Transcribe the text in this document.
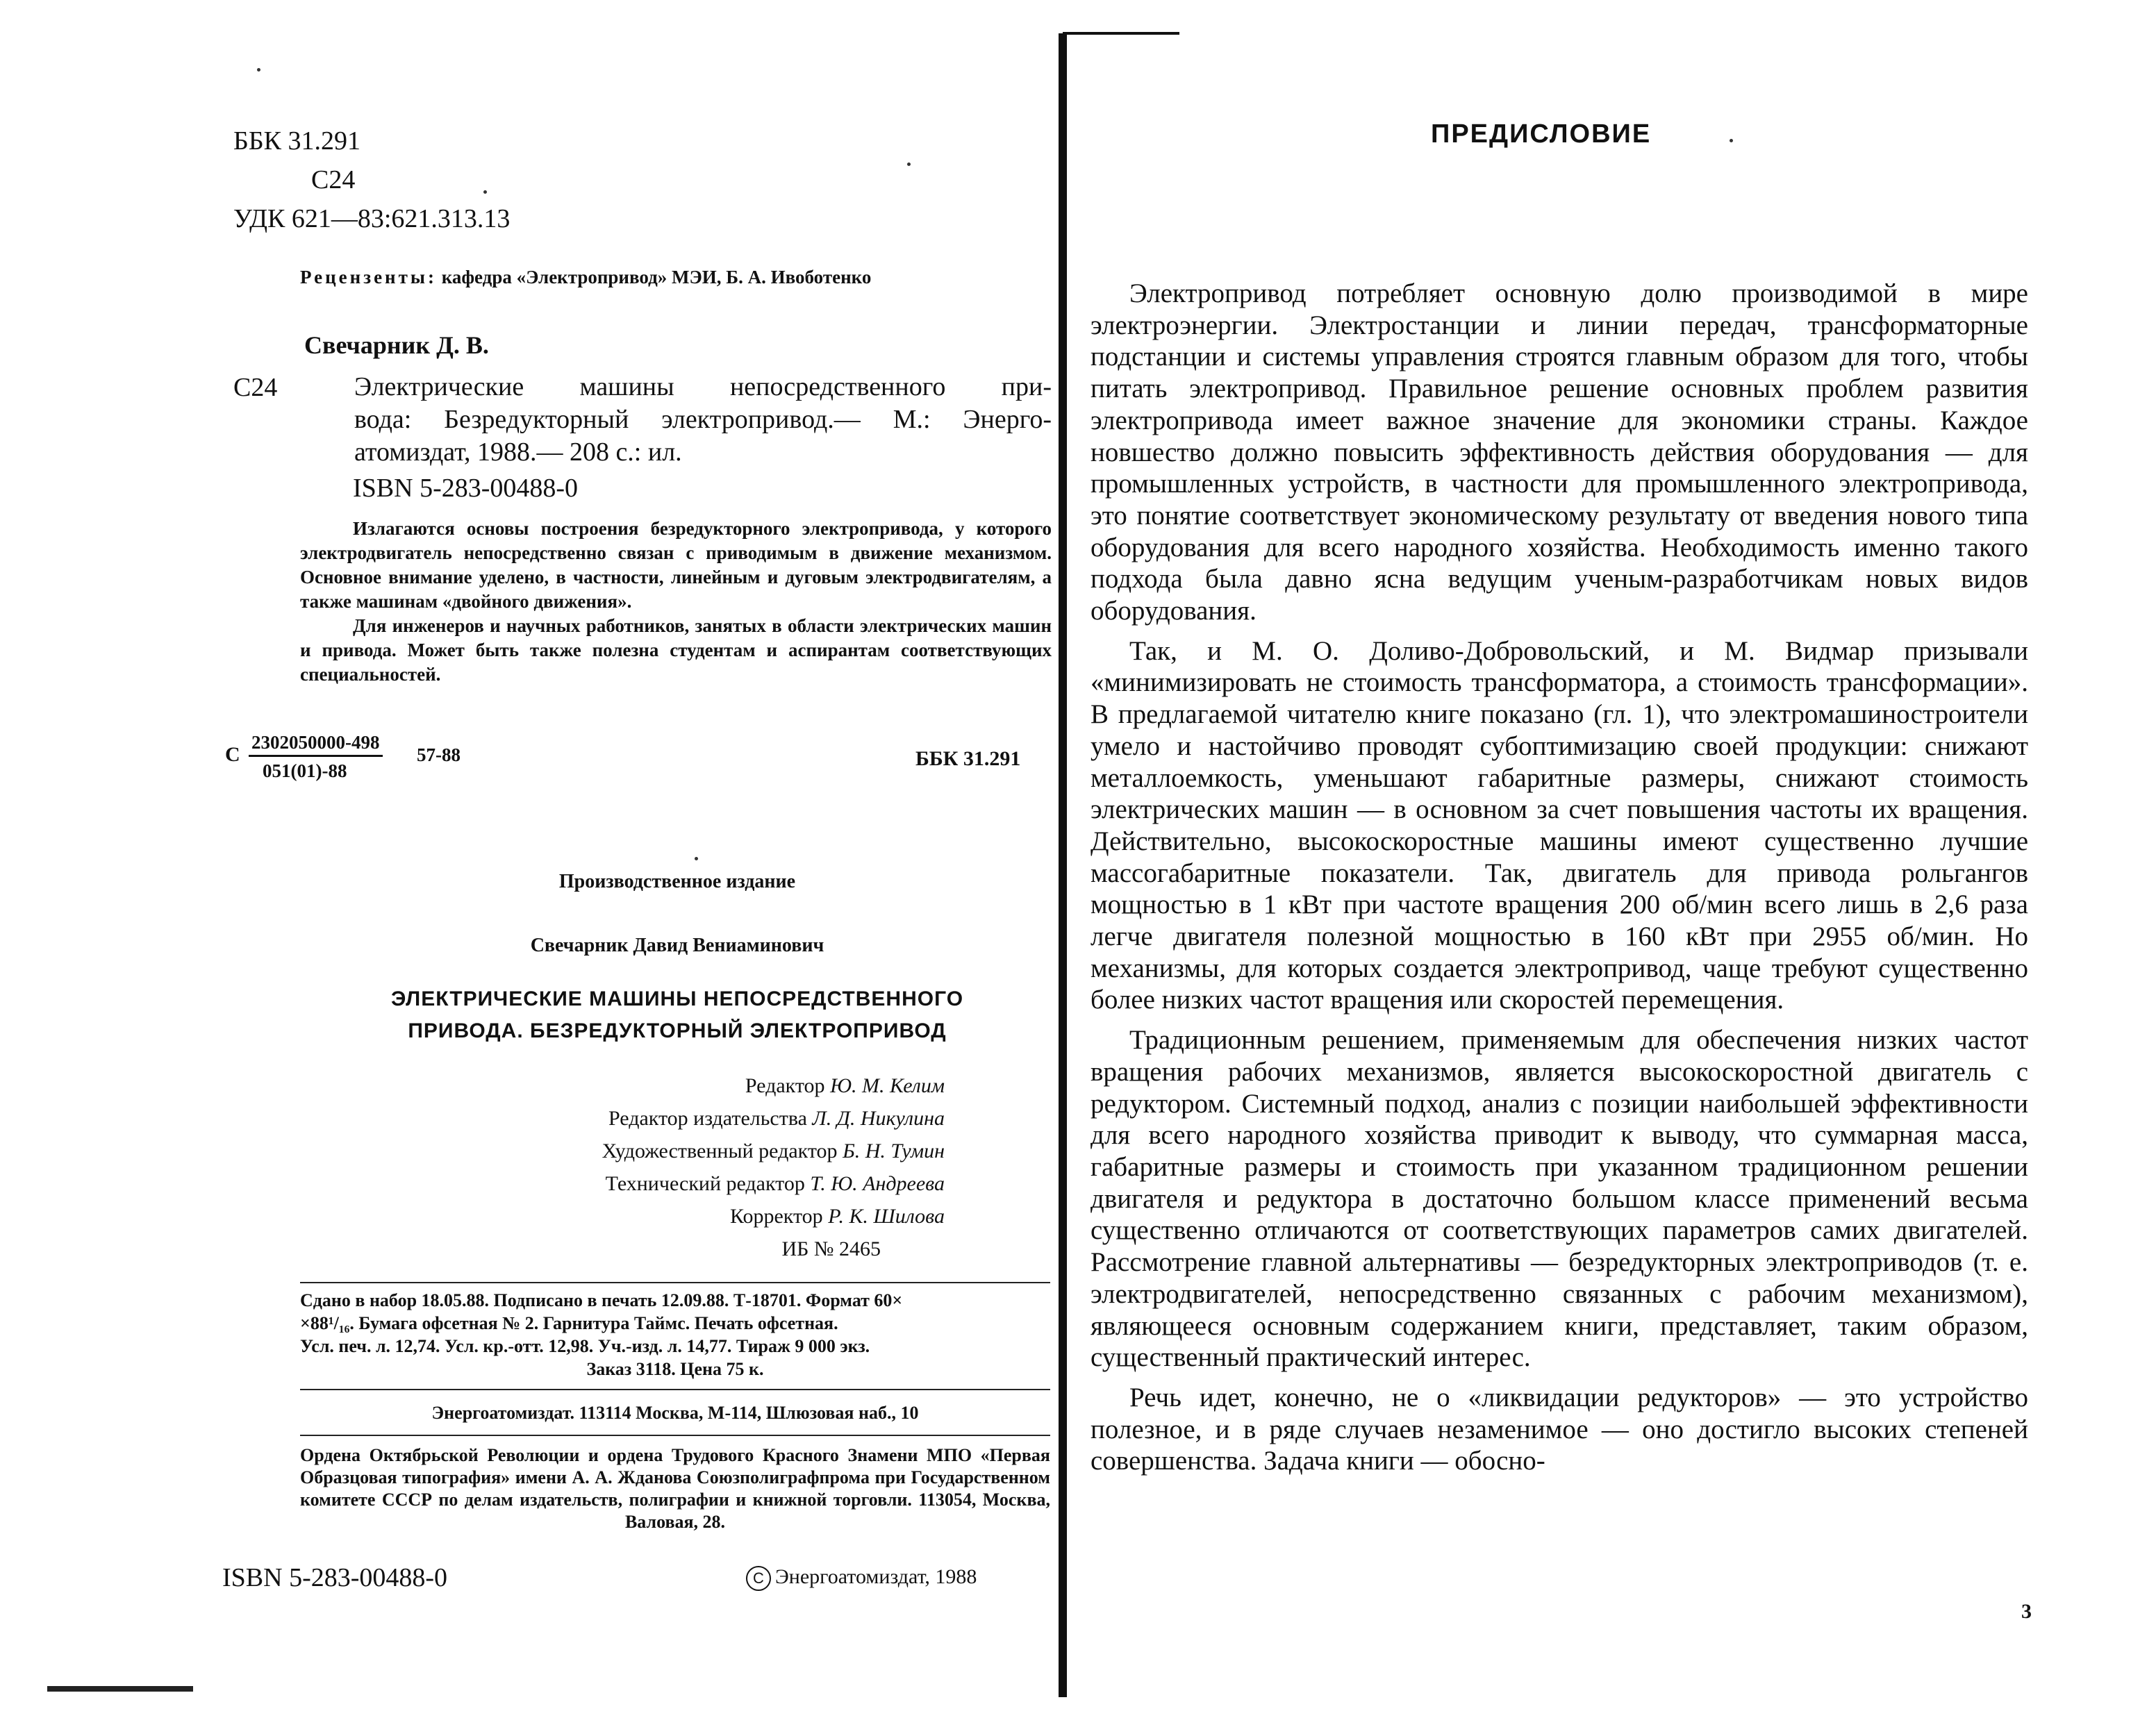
ББК 31.291
C24
УДК 621—83:621.313.13
Рецензенты: кафедра «Электропривод» МЭИ, Б. А. Ивоботенко
Свечарник Д. В.
C24	Электрические машины непосредственного при-
вода: Безредукторный электропривод.— М.: Энерго-
атомиздат, 1988.— 208 с.: ил.
ISBN 5-283-00488-0

Излагаются основы построения безредукторного электропривода, у которого электродвигатель непосредственно связан с приводимым в движение механизмом. Основное внимание уделено, в частности, линейным и дуговым электродвигателям, а также машинам «двойного движения».

Для инженеров и научных работников, занятых в области электрических машин и привода. Может быть также полезна студентам и аспирантам соответствующих специальностей.

C
2302050000-498
051(01)-88
57-88	ББК 31.291
Производственное издание
Свечарник Давид Вениаминович
ЭЛЕКТРИЧЕСКИЕ МАШИНЫ НЕПОСРЕДСТВЕННОГО
ПРИВОДА. БЕЗРЕДУКТОРНЫЙ ЭЛЕКТРОПРИВОД
Редактор Ю. М. Келим
Редактор издательства Л. Д. Никулина
Художественный редактор Б. Н. Тумин
Технический редактор Т. Ю. Андреева
Корректор Р. К. Шилова
ИБ № 2465
Сдано в набор 18.05.88. Подписано в печать 12.09.88. Т-18701. Формат 60×
×88¹/₁₆. Бумага офсетная № 2. Гарнитура Таймс. Печать офсетная.
Усл. печ. л. 12,74. Усл. кр.-отт. 12,98. Уч.-изд. л. 14,77. Тираж 9 000 экз.
Заказ 3118. Цена 75 к.
Энергоатомиздат. 113114 Москва, М-114, Шлюзовая наб., 10
Ордена Октябрьской Революции и ордена Трудового Красного Знамени МПО «Первая Образцовая типография» имени А. А. Жданова Союзполиграфпрома при Государственном комитете СССР по делам издательств, полиграфии и книжной торговли. 113054, Москва, Валовая, 28.
ISBN 5-283-00488-0	C Энергоатомиздат, 1988
ПРЕДИСЛОВИЕ

Электропривод потребляет основную долю производимой в мире электроэнергии. Электростанции и линии передач, трансформаторные подстанции и системы управления строятся главным образом для того, чтобы питать электропривод. Правильное решение основных проблем развития электропривода имеет важное значение для экономики страны. Каждое новшество должно повысить эффективность действия оборудования — для промышленных устройств, в частности для промышленного электропривода, это понятие соответствует экономическому результату от введения нового типа оборудования для всего народного хозяйства. Необходимость именно такого подхода была давно ясна ведущим ученым-разработчикам новых видов оборудования.

Так, и М. О. Доливо-Добровольский, и М. Видмар призывали «минимизировать не стоимость трансформатора, а стоимость трансформации». В предлагаемой читателю книге показано (гл. 1), что электромашиностроители умело и настойчиво проводят субоптимизацию своей продукции: снижают металлоемкость, уменьшают габаритные размеры, снижают стоимость электрических машин — в основном за счет повышения частоты их вращения. Действительно, высокоскоростные машины имеют существенно лучшие массогабаритные показатели. Так, двигатель для привода рольгангов мощностью в 1 кВт при частоте вращения 200 об/мин всего лишь в 2,6 раза легче двигателя полезной мощностью в 160 кВт при 2955 об/мин. Но механизмы, для которых создается электропривод, чаще требуют существенно более низких частот вращения или скоростей перемещения.

Традиционным решением, применяемым для обеспечения низких частот вращения рабочих механизмов, является высокоскоростной двигатель с редуктором. Системный подход, анализ с позиции наибольшей эффективности для всего народного хозяйства приводит к выводу, что суммарная масса, габаритные размеры и стоимость при указанном традиционном решении двигателя и редуктора в достаточно большом классе применений весьма существенно отличаются от соответствующих параметров самих двигателей. Рассмотрение главной альтернативы — безредукторных электроприводов (т. е. электродвигателей, непосредственно связанных с рабочим механизмом), являющееся основным содержанием книги, представляет, таким образом, существенный практический интерес.

Речь идет, конечно, не о «ликвидации редукторов» — это устройство полезное, и в ряде случаев незаменимое — оно достигло высоких степеней совершенства. Задача книги — обосно-

3
